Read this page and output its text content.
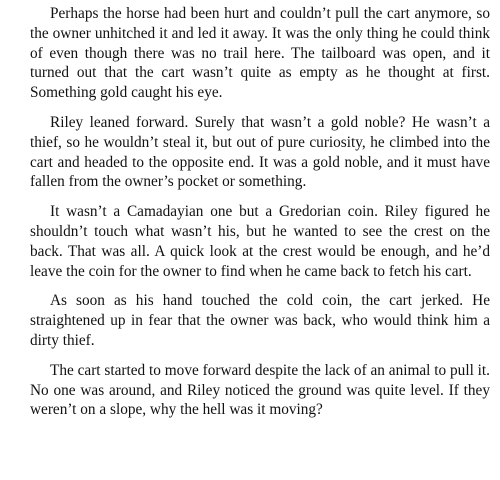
Perhaps the horse had been hurt and couldn’t pull the cart anymore, so the owner unhitched it and led it away. It was the only thing he could think of even though there was no trail here. The tailboard was open, and it turned out that the cart wasn’t quite as empty as he thought at first. Something gold caught his eye.

Riley leaned forward. Surely that wasn’t a gold noble? He wasn’t a thief, so he wouldn’t steal it, but out of pure curiosity, he climbed into the cart and headed to the opposite end. It was a gold noble, and it must have fallen from the owner’s pocket or something.

It wasn’t a Camadayian one but a Gredorian coin. Riley figured he shouldn’t touch what wasn’t his, but he wanted to see the crest on the back. That was all. A quick look at the crest would be enough, and he’d leave the coin for the owner to find when he came back to fetch his cart.

As soon as his hand touched the cold coin, the cart jerked. He straightened up in fear that the owner was back, who would think him a dirty thief.

The cart started to move forward despite the lack of an animal to pull it. No one was around, and Riley noticed the ground was quite level. If they weren’t on a slope, why the hell was it moving?
